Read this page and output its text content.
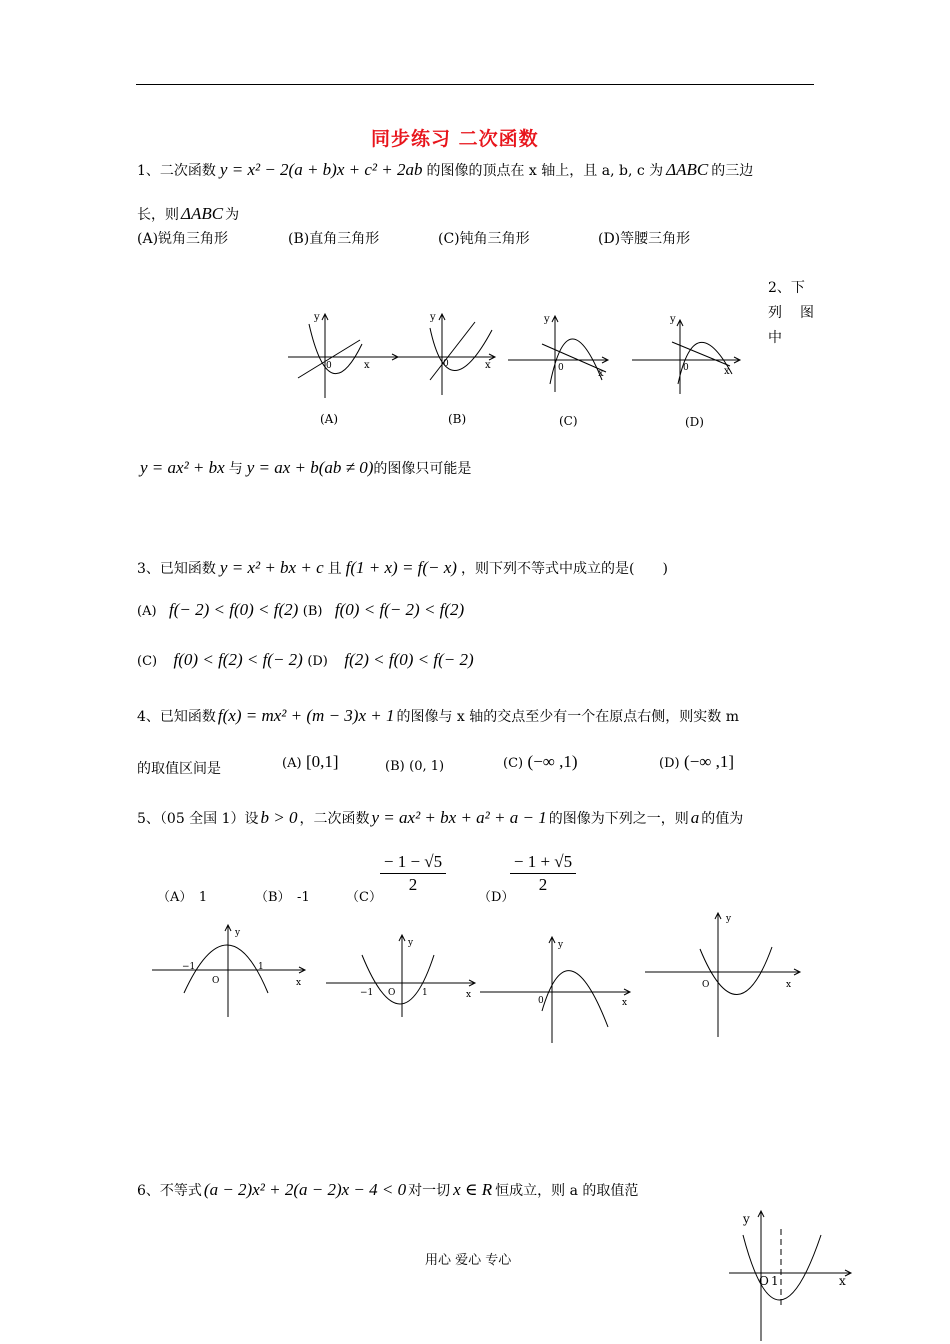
同步练习 二次函数
1、二次函数 y = x² − 2(a + b)x + c² + 2ab 的图像的顶点在 x 轴上，且 a, b, c 为 ΔABC 的三边
长，则 ΔABC 为
(A)锐角三角形	(B)直角三角形	(C)钝角三角形	(D)等腰三角形
2、下
列　图
中
y
x
0
y
x
0
y
x
0
y
x
0
(A)	(B)	(C)	(D)
y = ax² + bx 与 y = ax + b(ab ≠ 0)的图像只可能是
3、已知函数 y = x² + bx + c 且 f(1 + x) = f(− x) ，则下列不等式中成立的是(　　)
(A) f(− 2) < f(0) < f(2) (B) f(0) < f(− 2) < f(2)
(C) f(0) < f(2) < f(− 2) (D) f(2) < f(0) < f(− 2)
4、已知函数 f(x) = mx² + (m − 3)x + 1 的图像与 x 轴的交点至少有一个在原点右侧，则实数 m
的取值区间是	(A) [0,1]	(B) (0, 1)	(C) (−∞ ,1)	(D) (−∞ ,1]
5、（05 全国 1）设 b > 0 ，二次函数 y = ax² + bx + a² + a − 1 的图像为下列之一，则 a 的值为
（A）　1	（B）　-1	（C）	（D）
− 1 − √5
2
− 1 + √5
2
y
x
−1	1
O
y
x
−1	1
O
y
x
0
y
x
O
6、不等式 (a − 2)x² + 2(a − 2)x − 4 < 0 对一切 x ∈ R 恒成立，则 a 的取值范
y
x
O 1
用心 爱心 专心
